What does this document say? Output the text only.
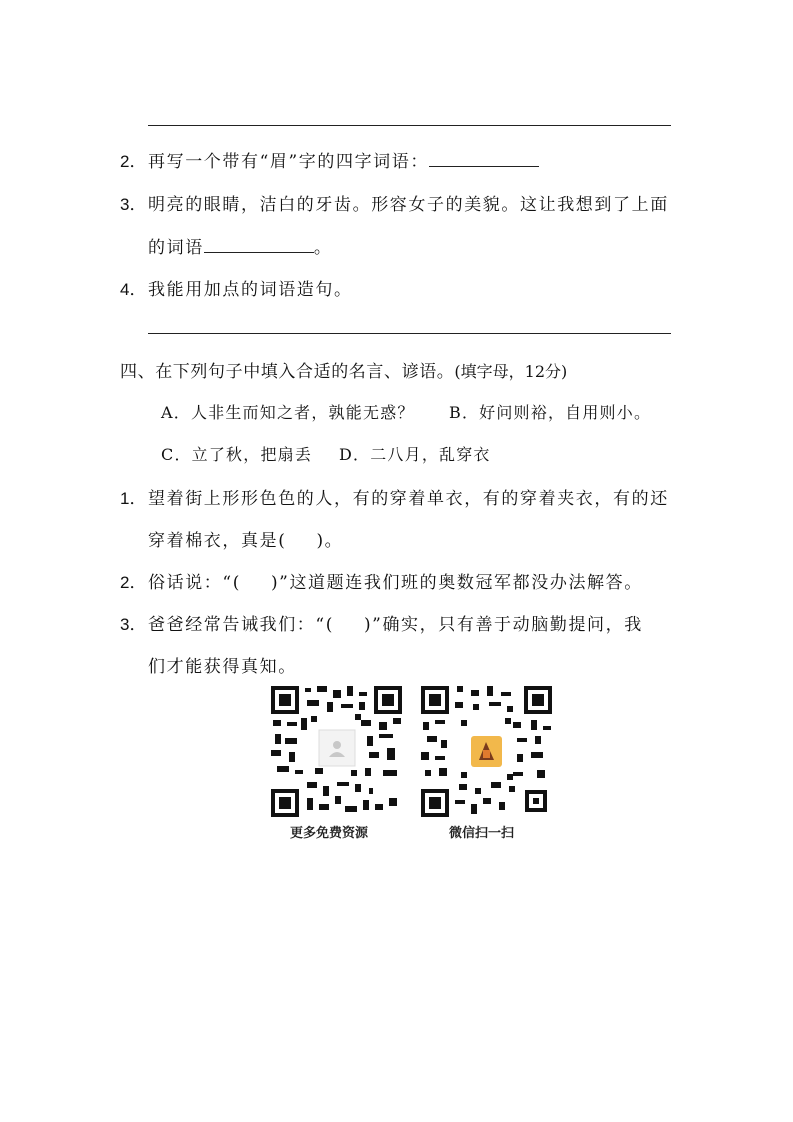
2． 再写一个带有“眉”字的四字词语：
3． 明亮的眼睛，洁白的牙齿。形容女子的美貌。这让我想到了上面
的词语	。
4． 我能用加点的词语造句。
四、在下列句子中填入合适的名言、谚语。(填字母，12分)
A．人非生而知之者，孰能无惑？ B．好问则裕，自用则小。
C．立了秋，把扇丢 D．二八月，乱穿衣
1． 望着街上形形色色的人，有的穿着单衣，有的穿着夹衣，有的还
穿着棉衣，真是( )。
2． 俗话说：“( )”这道题连我们班的奥数冠军都没办法解答。
3． 爸爸经常告诫我们：“( )”确实，只有善于动脑勤提问，我
们才能获得真知。
更多免费资源	微信扫一扫
